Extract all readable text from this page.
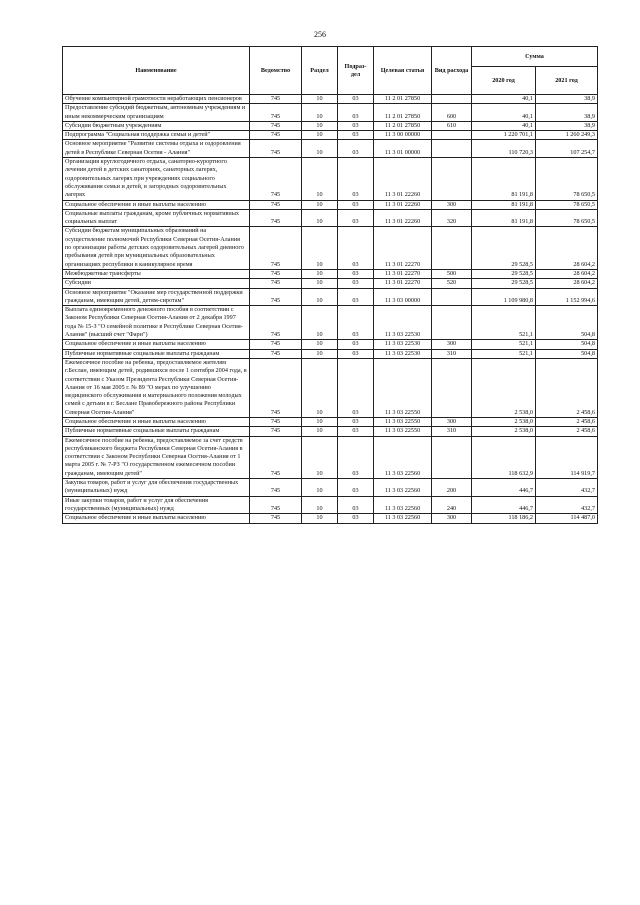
256
Наименование	Ведомство	Раздел	Подраз-дел	Целевая статья	Вид расхода	Сумма	
						2020 год	2021 год
Обучение компьютерной грамотности неработающих пенсионеров	745	10	03	11 2 01 27850		40,1	38,9
Предоставление субсидий бюджетным, автономным учреждениям и иным некоммерческим организациям	745	10	03	11 2 01 27850	600	40,1	38,9
Субсидии бюджетным учреждениям	745	10	03	11 2 01 27850	610	40,1	38,9
Подпрограмма "Социальная поддержка семьи и детей"	745	10	03	11 3 00 00000		1 220 701,1	1 260 249,3
Основное мероприятие "Развитие системы отдыха и оздоровления детей в Республике Северная Осетия - Алания"	745	10	03	11 3 01 00000		110 720,3	107 254,7
Организация круглогодичного отдыха, санаторно-курортного лечения детей в детских санаториях, санаторных лагерях, оздоровительных лагерях при учреждениях социального обслуживания семьи и детей, в загородных оздоровительных лагерях	745	10	03	11 3 01 22260		81 191,8	78 650,5
Социальное обеспечение и иные выплаты населению	745	10	03	11 3 01 22260	300	81 191,8	78 650,5
Социальные выплаты гражданам, кроме публичных нормативных социальных выплат	745	10	03	11 3 01 22260	320	81 191,8	78 650,5
Субсидии бюджетам муниципальных образований на осуществление полномочий Республики Северная Осетия-Алания по организации работы детских оздоровительных лагерей дневного пребывания детей при муниципальных образовательных организациях республики в каникулярное время	745	10	03	11 3 01 22270		29 528,5	28 604,2
Межбюджетные трансферты	745	10	03	11 3 01 22270	500	29 528,5	28 604,2
Субсидии	745	10	03	11 3 01 22270	520	29 528,5	28 604,2
Основное мероприятие "Оказание мер государственной поддержки гражданам, имеющим детей, детям-сиротам"	745	10	03	11 3 03 00000		1 109 980,8	1 152 994,6
Выплата единовременного денежного пособия в соответствии с Законом Республики Северная Осетия-Алания от 2 декабря 1997 года № 15-З "О семейной политике в Республике Северная Осетия-Алания" (высший счет "Фарн")	745	10	03	11 3 03 22530		521,1	504,8
Социальное обеспечение и иные выплаты населению	745	10	03	11 3 03 22530	300	521,1	504,8
Публичные нормативные социальные выплаты гражданам	745	10	03	11 3 03 22530	310	521,1	504,8
Ежемесячное пособие на ребенка, предоставляемое жителям г.Беслан, имеющим детей, родившихся после 1 сентября 2004 года, в соответствии с Указом Президента Республики Северная Осетия-Алания от 16 мая 2005 г. № 89 "О мерах по улучшению медицинского обслуживания и материального положения молодых семей с детьми в г. Беслане Правобережного района Республики Северная Осетия-Алания"	745	10	03	11 3 03 22550		2 538,0	2 458,6
Социальное обеспечение и иные выплаты населению	745	10	03	11 3 03 22550	300	2 538,0	2 458,6
Публичные нормативные социальные выплаты гражданам	745	10	03	11 3 03 22550	310	2 538,0	2 458,6
Ежемесячное пособие на ребенка, предоставляемое за счет средств республиканского бюджета Республики Северная Осетия-Алания в соответствии с Законом Республики Северная Осетия-Алания от 1 марта 2005 г. № 7-РЗ "О государственном ежемесячном пособии гражданам, имеющим детей"	745	10	03	11 3 03 22560		118 632,9	114 919,7
Закупка товаров, работ и услуг для обеспечения государственных (муниципальных) нужд	745	10	03	11 3 03 22560	200	446,7	432,7
Иные закупки товаров, работ и услуг для обеспечения государственных (муниципальных) нужд	745	10	03	11 3 03 22560	240	446,7	432,7
Социальное обеспечение и иные выплаты населению	745	10	03	11 3 03 22560	300	118 186,2	114 487,0
